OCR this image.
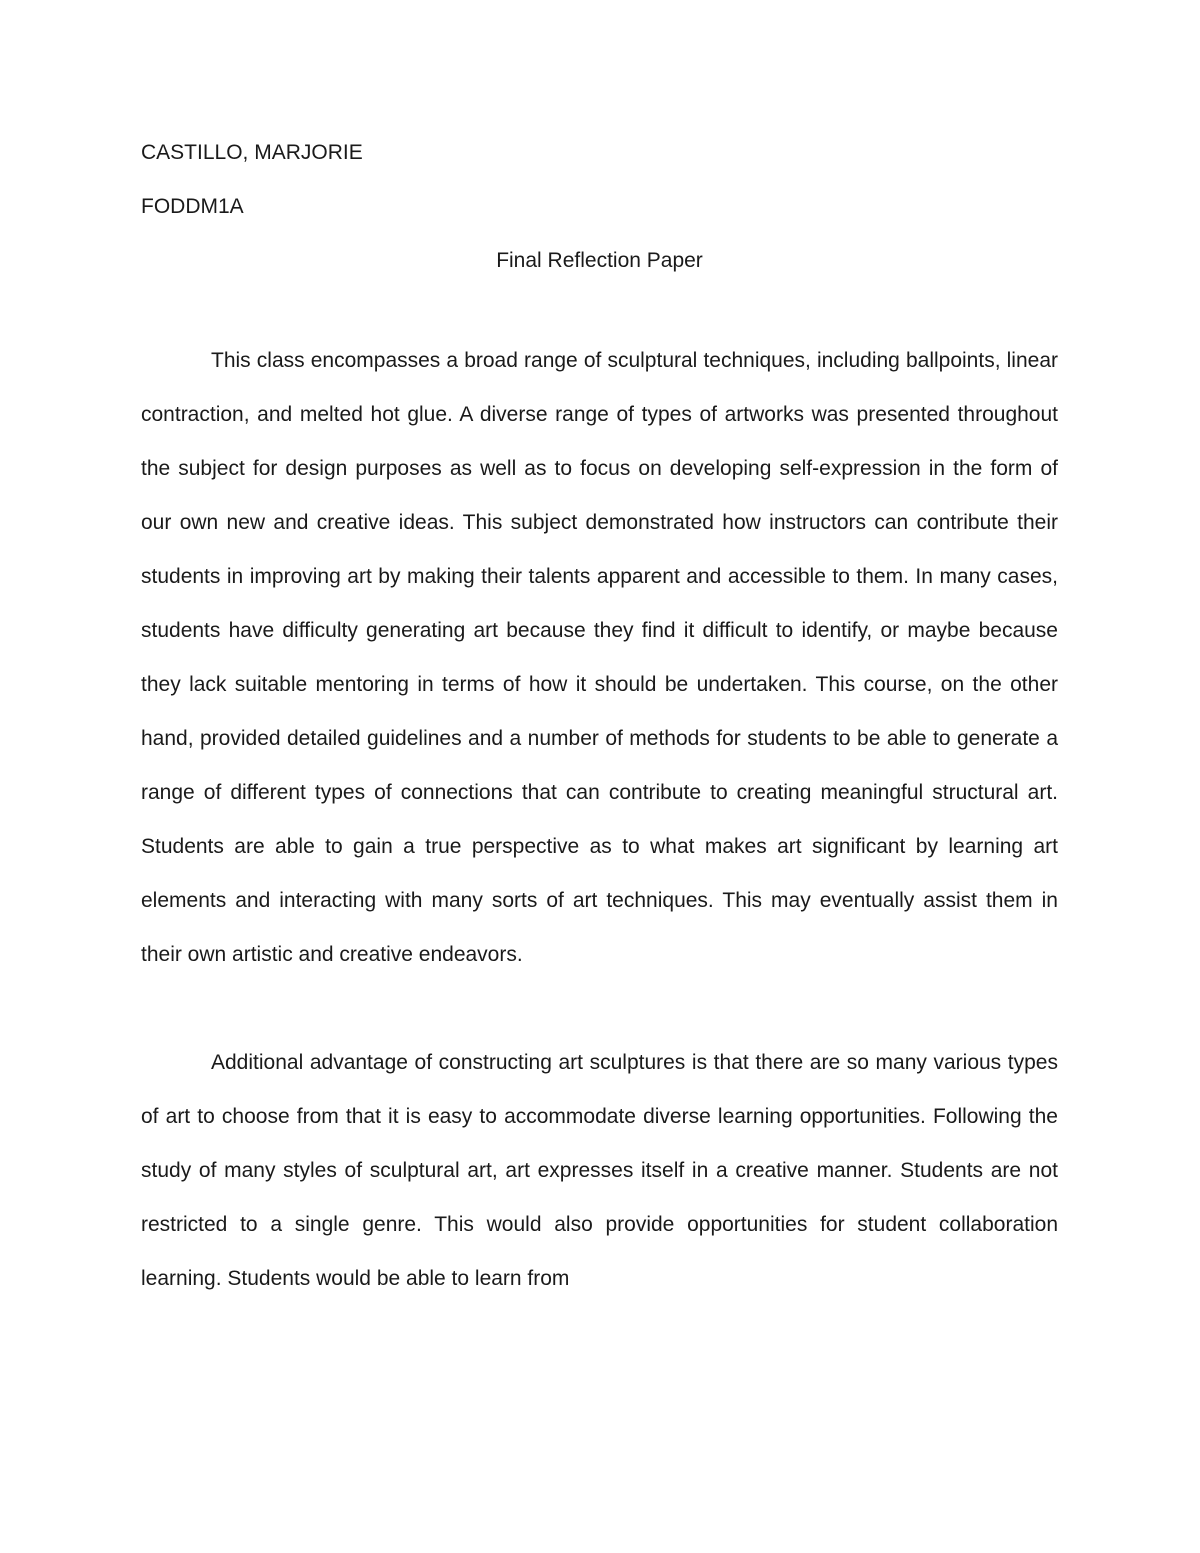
CASTILLO, MARJORIE

FODDM1A

Final Reflection Paper

This class encompasses a broad range of sculptural techniques, including ballpoints, linear contraction, and melted hot glue. A diverse range of types of artworks was presented throughout the subject for design purposes as well as to focus on developing self-expression in the form of our own new and creative ideas. This subject demonstrated how instructors can contribute their students in improving art by making their talents apparent and accessible to them. In many cases, students have difficulty generating art because they find it difficult to identify, or maybe because they lack suitable mentoring in terms of how it should be undertaken. This course, on the other hand, provided detailed guidelines and a number of methods for students to be able to generate a range of different types of connections that can contribute to creating meaningful structural art. Students are able to gain a true perspective as to what makes art significant by learning art elements and interacting with many sorts of art techniques. This may eventually assist them in their own artistic and creative endeavors.

Additional advantage of constructing art sculptures is that there are so many various types of art to choose from that it is easy to accommodate diverse learning opportunities. Following the study of many styles of sculptural art, art expresses itself in a creative manner. Students are not restricted to a single genre. This would also provide opportunities for student collaboration learning. Students would be able to learn from
